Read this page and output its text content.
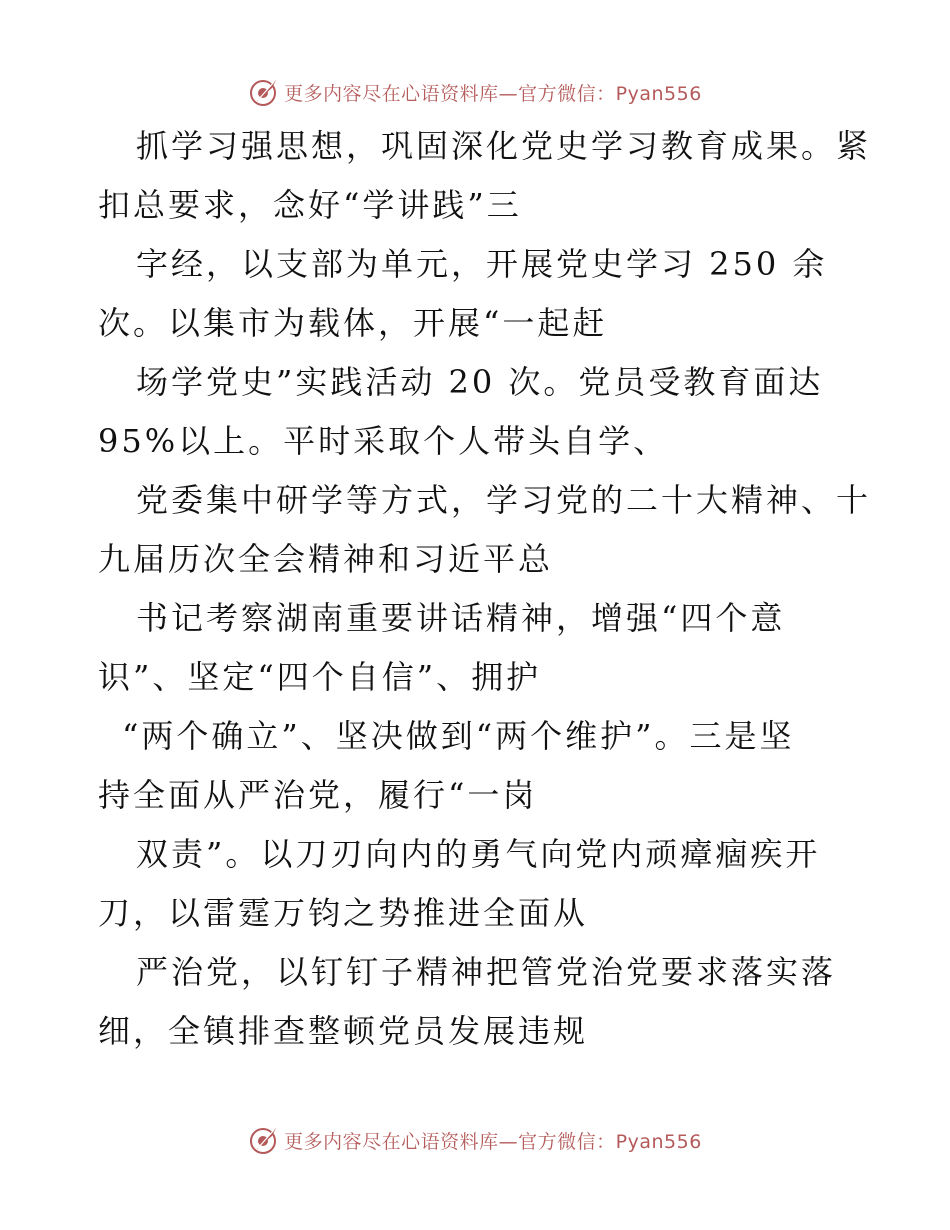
更多内容尽在心语资料库—官方微信：Pyan556
抓学习强思想，巩固深化党史学习教育成果。紧
扣总要求，念好“学讲践”三
字经，以支部为单元，开展党史学习 250 余
次。以集市为载体，开展“一起赶
场学党史”实践活动 20 次。党员受教育面达
95%以上。平时采取个人带头自学、
党委集中研学等方式，学习党的二十大精神、十
九届历次全会精神和习近平总
书记考察湖南重要讲话精神，增强“四个意
识”、坚定“四个自信”、拥护
“两个确立”、坚决做到“两个维护”。三是坚
持全面从严治党，履行“一岗
双责”。以刀刃向内的勇气向党内顽瘴痼疾开
刀，以雷霆万钧之势推进全面从
严治党，以钉钉子精神把管党治党要求落实落
细，全镇排查整顿党员发展违规
更多内容尽在心语资料库—官方微信：Pyan556
